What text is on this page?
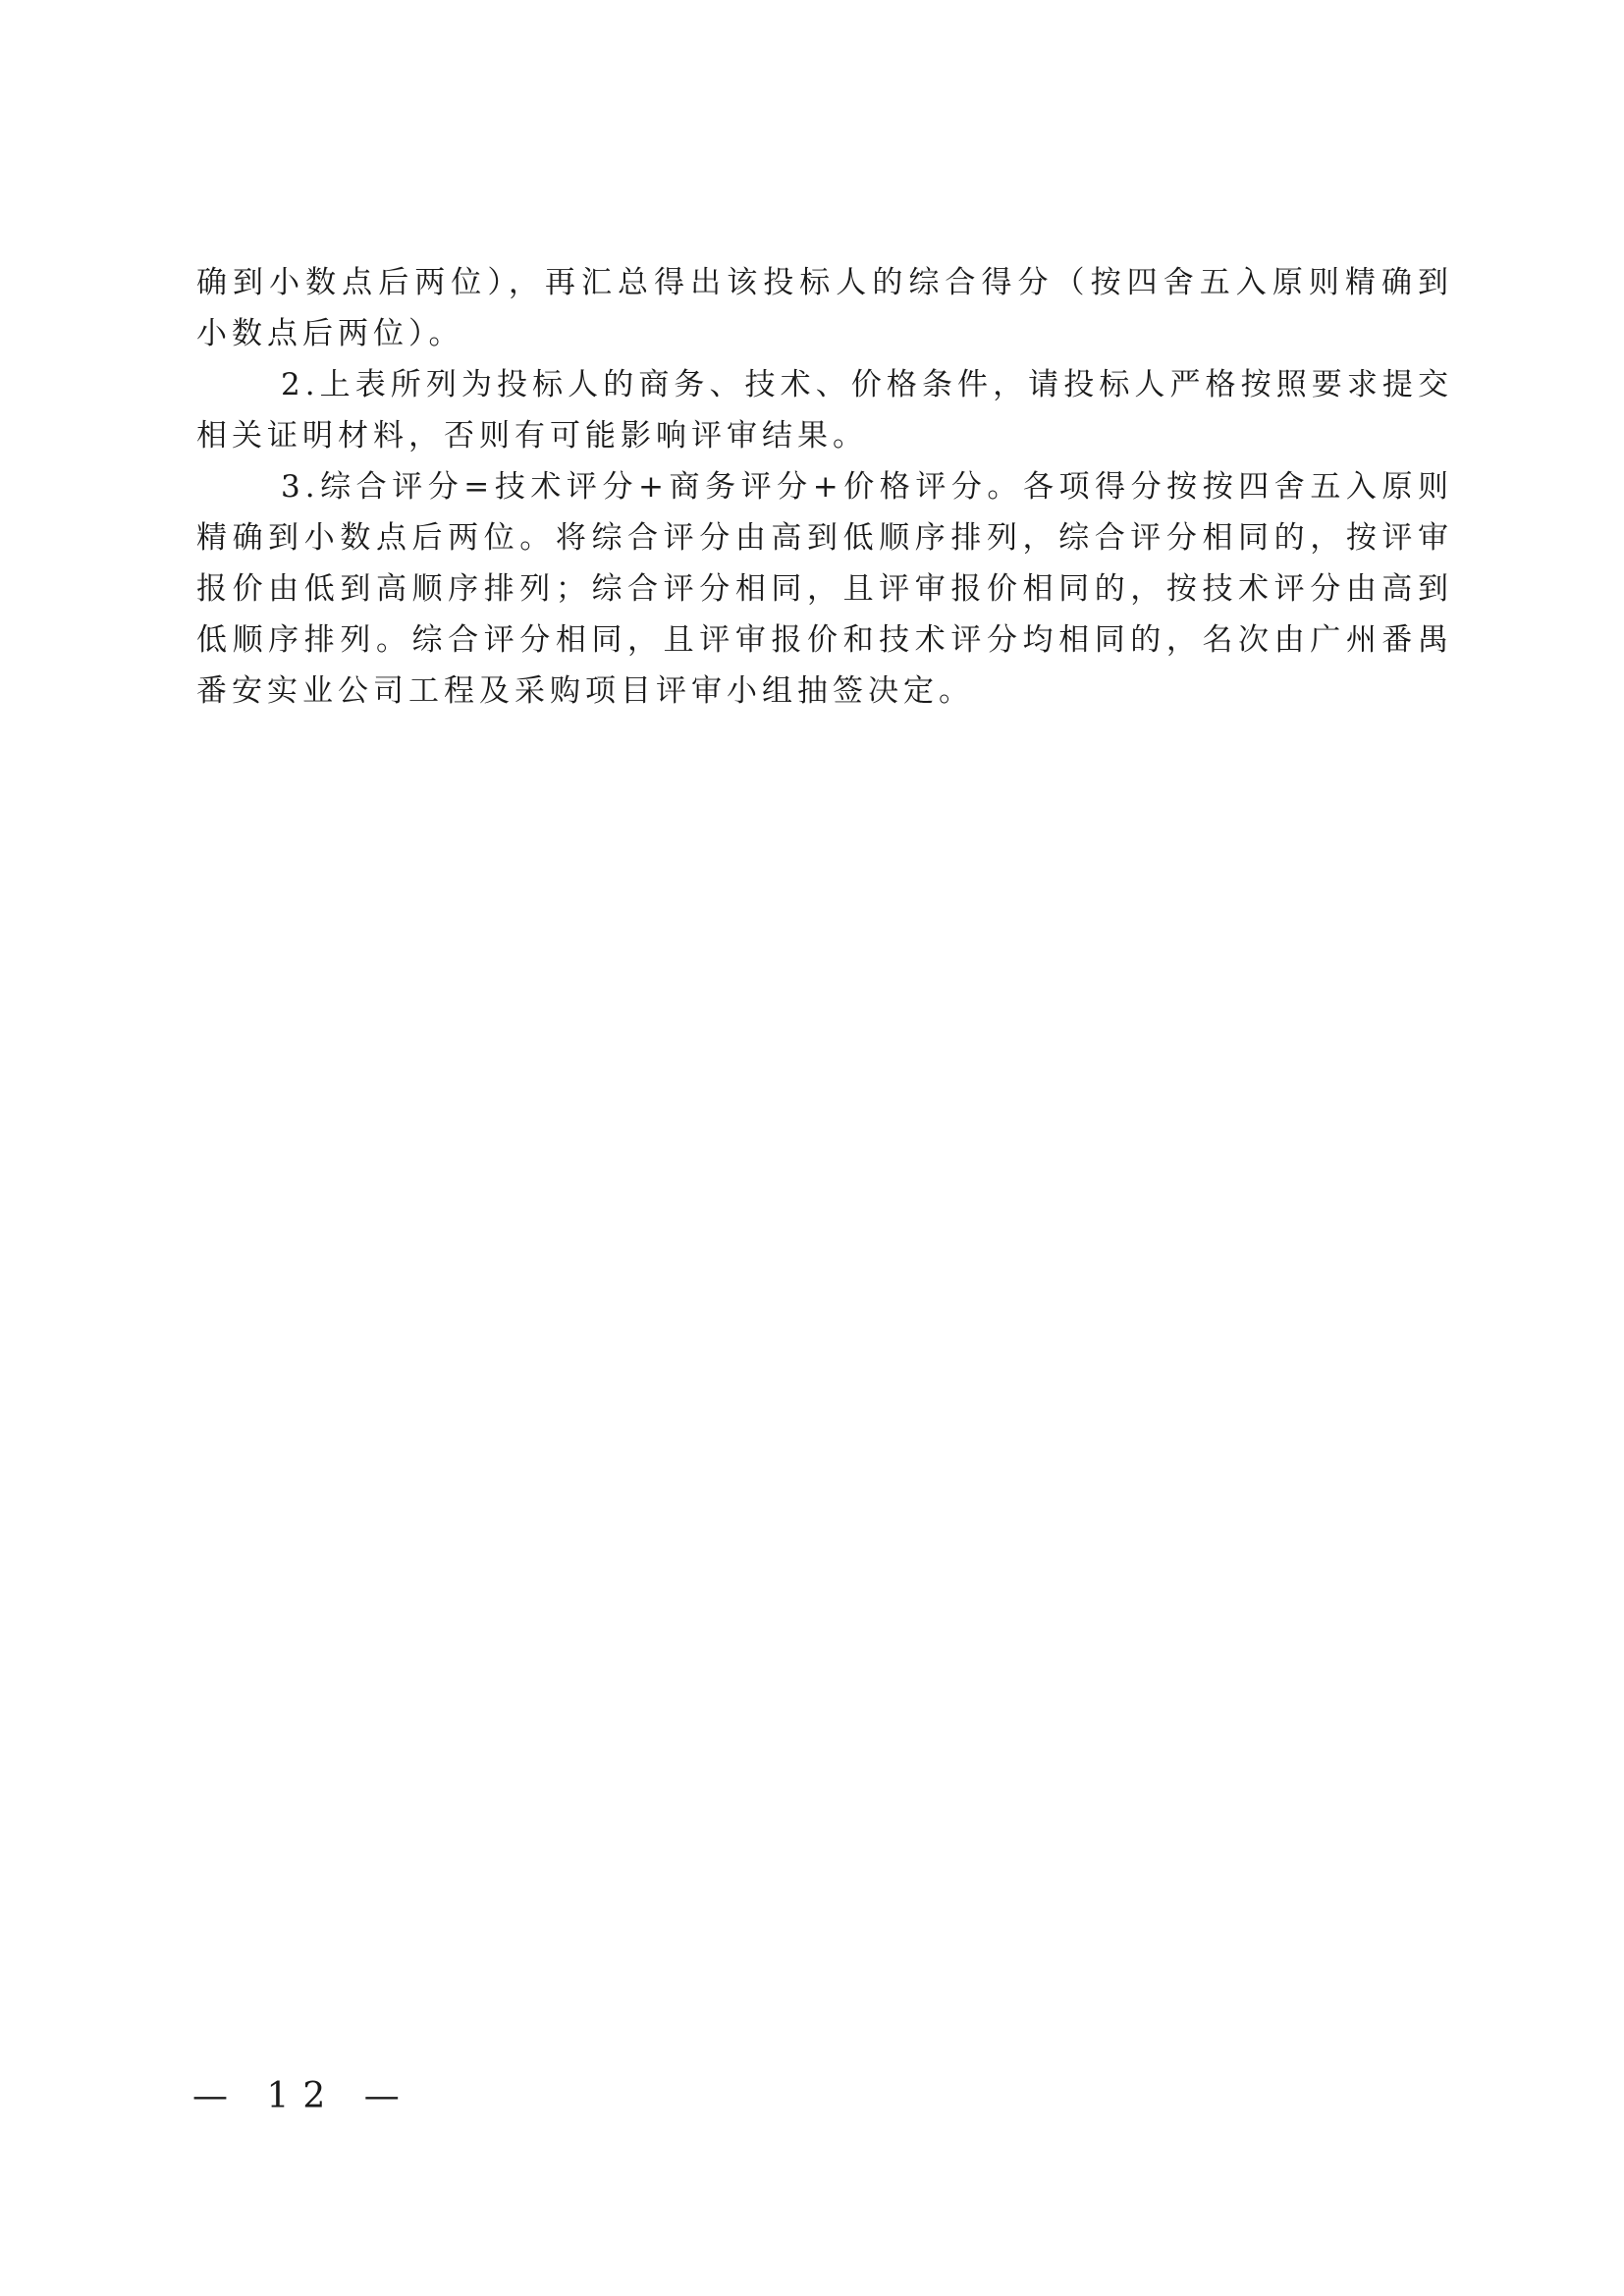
确到小数点后两位），再汇总得出该投标人的综合得分（按四舍五入原则精确到小数点后两位）。

2.上表所列为投标人的商务、技术、价格条件，请投标人严格按照要求提交相关证明材料，否则有可能影响评审结果。

3.综合评分=技术评分+商务评分+价格评分。各项得分按按四舍五入原则精确到小数点后两位。将综合评分由高到低顺序排列，综合评分相同的，按评审报价由低到高顺序排列；综合评分相同，且评审报价相同的，按技术评分由高到低顺序排列。综合评分相同，且评审报价和技术评分均相同的，名次由广州番禺番安实业公司工程及采购项目评审小组抽签决定。

— 12 —
